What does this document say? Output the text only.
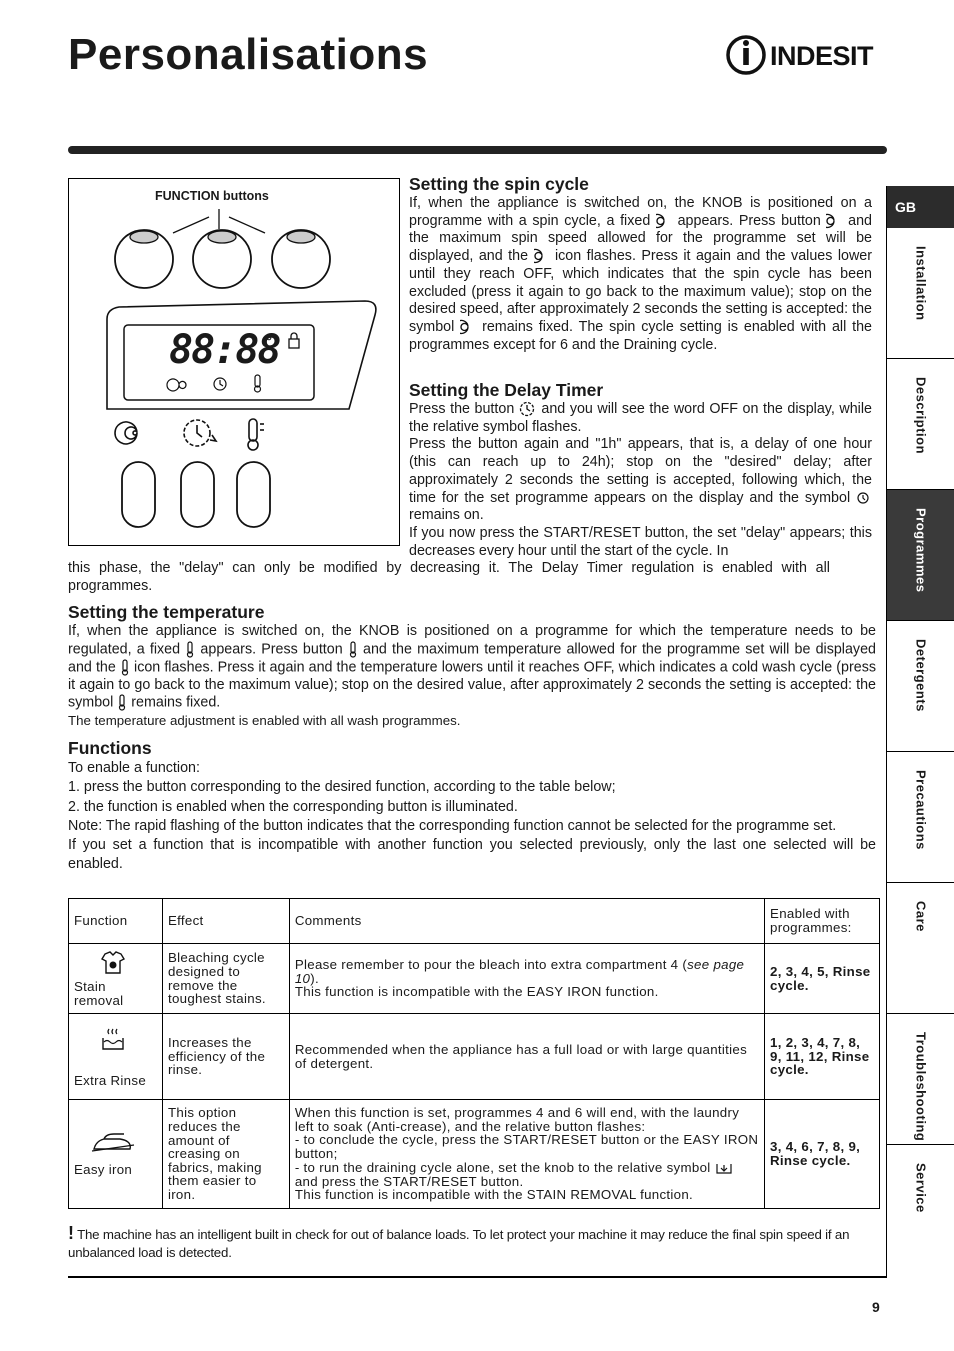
Personalisations	INDESIT
GB
Installation
Description
Programmes
Detergents
Precautions
Care
Troubleshooting
Service
FUNCTION buttons
88:88
Setting the spin cycle

If, when the appliance is switched on, the KNOB is positioned on a programme with a spin cycle, a fixed appears. Press button and the maximum spin speed allowed for the programme set will be displayed, and the icon flashes. Press it again and the values lower until they reach OFF, which indicates that the spin cycle has been excluded (press it again to go back to the maximum value); stop on the desired speed, after approximately 2 seconds the setting is accepted: the symbol remains fixed. The spin cycle setting is enabled with all the programmes except for 6 and the Draining cycle.

Setting the Delay Timer

Press the button and you will see the word OFF on the display, while the relative symbol flashes.
Press the button again and "1h" appears, that is, a delay of one hour (this can reach up to 24h); stop on the "desired" delay; after approximately 2 seconds the setting is accepted, following which, the time for the set programme appears on the display and the symbol  remains on.
If you now press the START/RESET button, the set "delay" appears; this decreases every hour until the start of the cycle. In

this phase, the "delay" can only be modified by decreasing it. The Delay Timer regulation is enabled with all programmes.

Setting the temperature

If, when the appliance is switched on, the KNOB is positioned on a programme for which the temperature needs to be regulated, a fixed appears. Press button and the maximum temperature allowed for the programme set will be displayed and the icon flashes. Press it again and the temperature lowers until it reaches OFF, which indicates a cold wash cycle (press it again to go back to the maximum value); stop on the desired value, after approximately 2 seconds the setting is accepted: the symbol remains fixed.

The temperature adjustment is enabled with all wash programmes.

Functions

To enable a function:

1. press the button corresponding to the desired function, according to the table below;

2. the function is enabled when the corresponding button is illuminated.

Note: The rapid flashing of the button indicates that the corresponding function cannot be selected for the programme set.

If you set a function that is incompatible with another function you selected previously, only the last one selected will be enabled.

Function	Effect	Comments	Enabled with programmes:

Stain removal	Bleaching cycle designed to remove the toughest stains.	Please remember to pour the bleach into extra compartment 4 (see page 10).
This function is incompatible with the EASY IRON function.	2, 3, 4, 5, Rinse cycle.

Extra Rinse	Increases the efficiency of the rinse.	Recommended when the appliance has a full load or with large quantities of detergent.	1, 2, 3, 4, 7, 8, 9, 11, 12, Rinse cycle.

Easy iron	This option reduces the amount of creasing on fabrics, making them easier to iron.	When this function is set, programmes 4 and 6 will end, with the laundry left to soak (Anti-crease), and the relative button flashes:
- to conclude the cycle, press the START/RESET button or the EASY IRON button;
- to run the draining cycle alone, set the knob to the relative symbol  and press the START/RESET button.
This function is incompatible with the STAIN REMOVAL function.	3, 4, 6, 7, 8, 9, Rinse cycle.

! The machine has an intelligent built in check for out of balance loads. To let protect your machine it may reduce the final spin speed if an unbalanced load is detected.

9
